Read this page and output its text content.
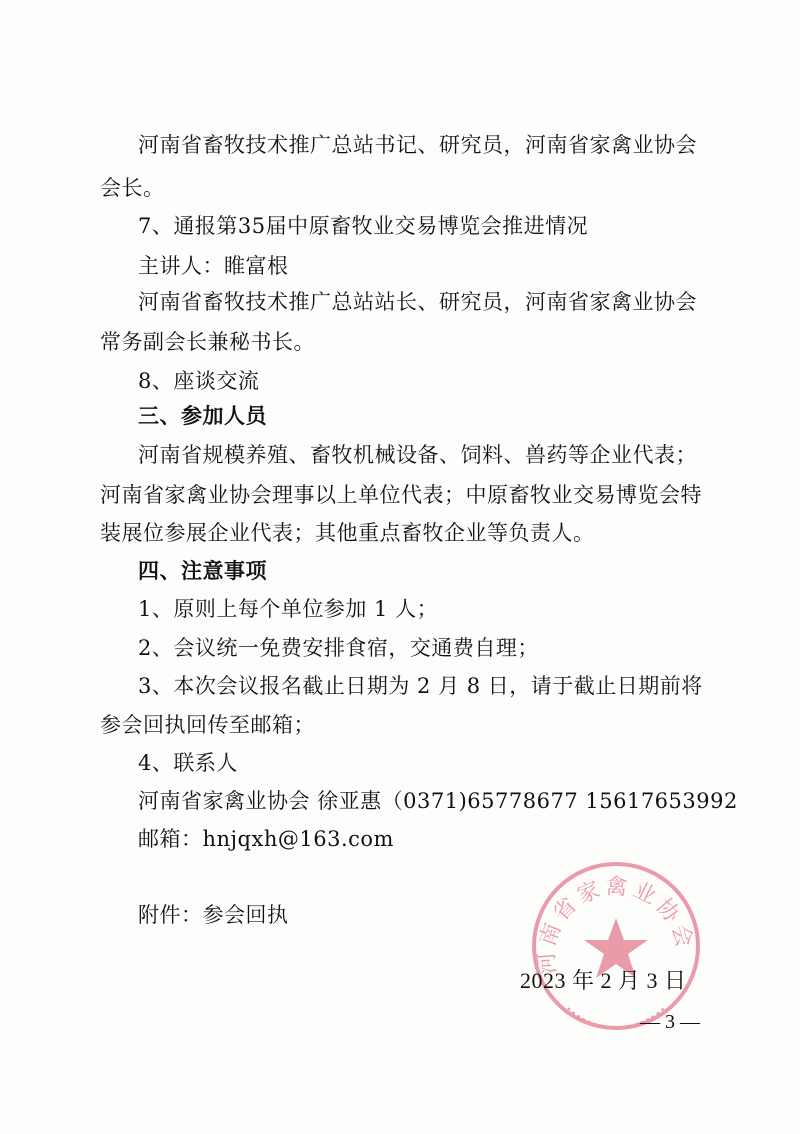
河南省畜牧技术推广总站书记、研究员，河南省家禽业协会
会长。
7、通报第35届中原畜牧业交易博览会推进情况
主讲人：睢富根
河南省畜牧技术推广总站站长、研究员，河南省家禽业协会
常务副会长兼秘书长。
8、座谈交流
三、参加人员
河南省规模养殖、畜牧机械设备、饲料、兽药等企业代表；
河南省家禽业协会理事以上单位代表；中原畜牧业交易博览会特
装展位参展企业代表；其他重点畜牧企业等负责人。
四、注意事项
1、原则上每个单位参加 1 人；
2、会议统一免费安排食宿，交通费自理；
3、本次会议报名截止日期为 2 月 8 日，请于截止日期前将
参会回执回传至邮箱；
4、联系人
河南省家禽业协会 徐亚惠（0371)65778677 15617653992
邮箱：hnjqxh@163.com
附件：参会回执
河南省家禽业协会
2023 年 2 月 3 日
— 3 —
